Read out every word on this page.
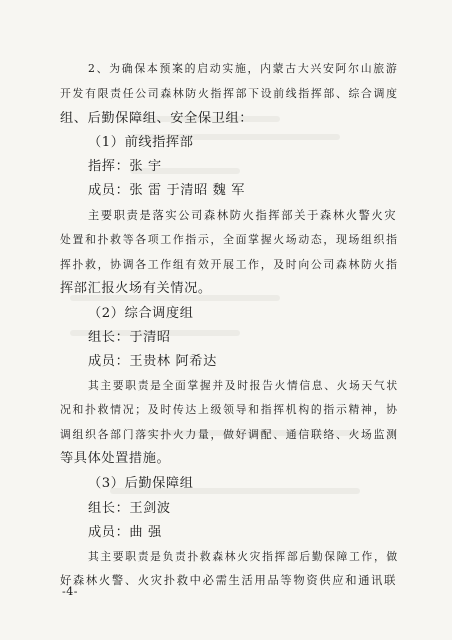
2、为确保本预案的启动实施，内蒙古大兴安阿尔山旅游
开发有限责任公司森林防火指挥部下设前线指挥部、综合调度
组、后勤保障组、安全保卫组：
（1）前线指挥部
指挥：张 宇
成员：张 雷 于清昭 魏 军
主要职责是落实公司森林防火指挥部关于森林火警火灾
处置和扑救等各项工作指示，全面掌握火场动态，现场组织指
挥扑救，协调各工作组有效开展工作，及时向公司森林防火指
挥部汇报火场有关情况。
（2）综合调度组
组长：于清昭
成员：王贵林 阿希达
其主要职责是全面掌握并及时报告火情信息、火场天气状
况和扑救情况；及时传达上级领导和指挥机构的指示精神，协
调组织各部门落实扑火力量，做好调配、通信联络、火场监测
等具体处置措施。
（3）后勤保障组
组长：王剑波
成员：曲 强
其主要职责是负责扑救森林火灾指挥部后勤保障工作，做
好森林火警、火灾扑救中必需生活用品等物资供应和通讯联
-4-
